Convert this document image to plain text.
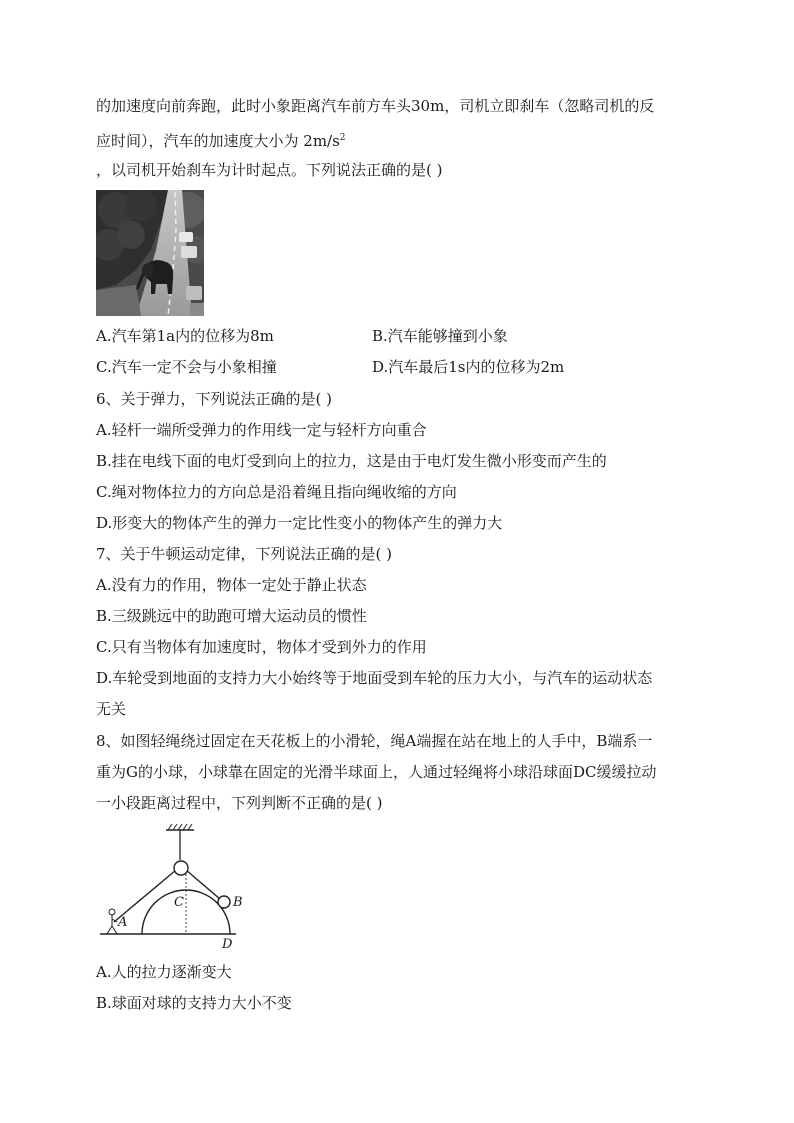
的加速度向前奔跑，此时小象距离汽车前方车头30m，司机立即刹车（忽略司机的反
应时间），汽车的加速度大小为 $2m/s^2$
，以司机开始刹车为计时起点。下列说法正确的是( )
A.汽车第1a内的位移为8m	B.汽车能够撞到小象
C.汽车一定不会与小象相撞	D.汽车最后1s内的位移为2m
6、关于弹力，下列说法正确的是( )
A.轻杆一端所受弹力的作用线一定与轻杆方向重合
B.挂在电线下面的电灯受到向上的拉力，这是由于电灯发生微小形变而产生的
C.绳对物体拉力的方向总是沿着绳且指向绳收缩的方向
D.形变大的物体产生的弹力一定比性变小的物体产生的弹力大
7、关于牛顿运动定律，下列说法正确的是( )
A.没有力的作用，物体一定处于静止状态
B.三级跳远中的助跑可增大运动员的惯性
C.只有当物体有加速度时，物体才受到外力的作用
D.车轮受到地面的支持力大小始终等于地面受到车轮的压力大小，与汽车的运动状态
无关
8、如图轻绳绕过固定在天花板上的小滑轮，绳A端握在站在地上的人手中，B端系一
重为G的小球，小球靠在固定的光滑半球面上，人通过轻绳将小球沿球面DC缓缓拉动
一小段距离过程中，下列判断不正确的是( )
A
B
C
D
A.人的拉力逐渐变大
B.球面对球的支持力大小不变
